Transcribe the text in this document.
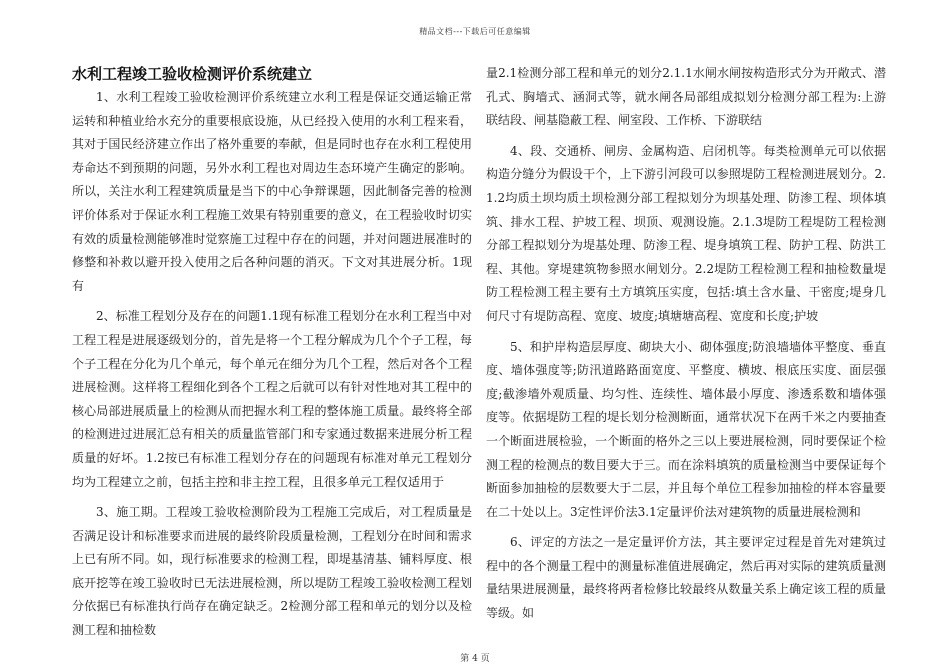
精品文档---下载后可任意编辑
水利工程竣工验收检测评价系统建立

1、水利工程竣工验收检测评价系统建立水利工程是保证交通运输正常运转和种植业给水充分的重要根底设施，从已经投入使用的水利工程来看，其对于国民经济建立作出了格外重要的奉献，但是同时也存在水利工程使用寿命达不到预期的问题，另外水利工程也对周边生态环境产生确定的影响。所以，关注水利工程建筑质量是当下的中心争辩课题，因此制备完善的检测评价体系对于保证水利工程施工效果有特别重要的意义，在工程验收时切实有效的质量检测能够准时觉察施工过程中存在的问题，并对问题进展准时的修整和补救以避开投入使用之后各种问题的消灭。下文对其进展分析。1现有

2、标准工程划分及存在的问题1.1现有标准工程划分在水利工程当中对工程工程是进展逐级划分的，首先是将一个工程分解成为几个个子工程，每个子工程在分化为几个单元，每个单元在细分为几个工程，然后对各个工程进展检测。这样将工程细化到各个工程之后就可以有针对性地对其工程中的核心局部进展质量上的检测从而把握水利工程的整体施工质量。最终将全部的检测进过进展汇总有相关的质量监管部门和专家通过数据来进展分析工程质量的好坏。1.2按已有标准工程划分存在的问题现有标准对单元工程划分均为工程建立之前，包括主控和非主控工程，且很多单元工程仅适用于

3、施工期。工程竣工验收检测阶段为工程施工完成后，对工程质量是否满足设计和标准要求而进展的最终阶段质量检测，工程划分在时间和需求上已有所不同。如，现行标准要求的检测工程，即堤基清基、铺料厚度、根底开挖等在竣工验收时已无法进展检测，所以堤防工程竣工验收检测工程划分依据已有标准执行尚存在确定缺乏。2检测分部工程和单元的划分以及检测工程和抽检数

量2.1检测分部工程和单元的划分2.1.1水闸水闸按构造形式分为开敞式、潜孔式、胸墙式、涵洞式等，就水闸各局部组成拟划分检测分部工程为:上游联结段、闸基隐蔽工程、闸室段、工作桥、下游联结

4、段、交通桥、闸房、金属构造、启闭机等。每类检测单元可以依据构造分缝分为假设干个，上下游引河段可以参照堤防工程检测进展划分。2.1.2均质土坝均质土坝检测分部工程拟划分为坝基处理、防渗工程、坝体填筑、排水工程、护坡工程、坝顶、观测设施。2.1.3堤防工程堤防工程检测分部工程拟划分为堤基处理、防渗工程、堤身填筑工程、防护工程、防洪工程、其他。穿堤建筑物参照水闸划分。2.2堤防工程检测工程和抽检数量堤防工程检测工程主要有土方填筑压实度，包括:填土含水量、干密度;堤身几何尺寸有堤防高程、宽度、坡度;填塘塘高程、宽度和长度;护坡

5、和护岸构造层厚度、砌块大小、砌体强度;防浪墙墙体平整度、垂直度、墙体强度等;防汛道路路面宽度、平整度、横坡、根底压实度、面层强度;截渗墙外观质量、均匀性、连续性、墙体最小厚度、渗透系数和墙体强度等。依据堤防工程的堤长划分检测断面，通常状况下在两千米之内要抽查一个断面进展检验，一个断面的格外之三以上要进展检测，同时要保证个检测工程的检测点的数目要大于三。而在涂料填筑的质量检测当中要保证每个断面参加抽检的层数要大于二层，并且每个单位工程参加抽检的样本容量要在二十处以上。3定性评价法3.1定量评价法对建筑物的质量进展检测和

6、评定的方法之一是定量评价方法，其主要评定过程是首先对建筑过程中的各个测量工程中的测量标准值进展确定，然后再对实际的建筑质量测量结果进展测量，最终将两者检修比较最终从数量关系上确定该工程的质量等级。如

第 4 页
